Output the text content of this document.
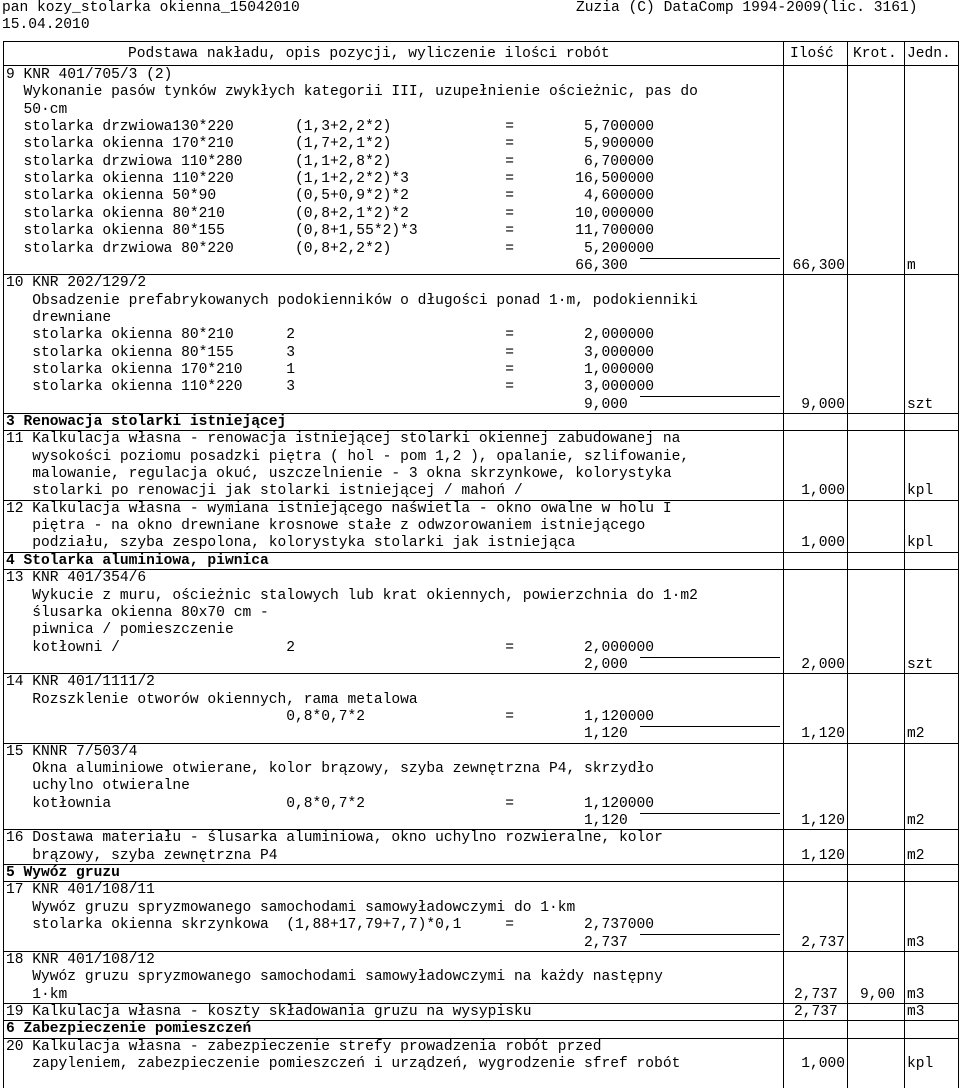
pan kozy_stolarka okienna_15042010
15.04.2010
Zuzia (C) DataComp 1994-2009(lic. 3161)
Podstawa nakładu, opis pozycji, wyliczenie ilości robót	Ilość Krot. Jedn.
9 KNR 401/705/3 (2)
Wykonanie pasów tynków zwykłych kategorii III, uzupełnienie ościeżnic, pas do
50·cm
stolarka drzwiowa130*220       (1,3+2,2*2)             =        5,700000
stolarka okienna 170*210       (1,7+2,1*2)             =        5,900000
stolarka drzwiowa 110*280      (1,1+2,8*2)             =        6,700000
stolarka okienna 110*220       (1,1+2,2*2)*3           =       16,500000
stolarka okienna 50*90         (0,5+0,9*2)*2           =        4,600000
stolarka okienna 80*210        (0,8+2,1*2)*2           =       10,000000
stolarka okienna 80*155        (0,8+1,55*2)*3          =       11,700000
stolarka drzwiowa 80*220       (0,8+2,2*2)             =        5,200000
66,300	66,300	m
10 KNR 202/129/2
Obsadzenie prefabrykowanych podokienników o długości ponad 1·m, podokienniki
drewniane
stolarka okienna 80*210      2                        =        2,000000
stolarka okienna 80*155      3                        =        3,000000
stolarka okienna 170*210     1                        =        1,000000
stolarka okienna 110*220     3                        =        3,000000
9,000	9,000	szt
3 Renowacja stolarki istniejącej
11 Kalkulacja własna - renowacja istniejącej stolarki okiennej zabudowanej na
wysokości poziomu posadzki piętra ( hol - pom 1,2 ), opalanie, szlifowanie,
malowanie, regulacja okuć, uszczelnienie - 3 okna skrzynkowe, kolorystyka
stolarki po renowacji jak stolarki istniejącej / mahoń /	1,000	kpl
12 Kalkulacja własna - wymiana istniejącego naświetla - okno owalne w holu I
piętra - na okno drewniane krosnowe stałe z odwzorowaniem istniejącego
podziału, szyba zespolona, kolorystyka stolarki jak istniejąca	1,000	kpl
4 Stolarka aluminiowa, piwnica
13 KNR 401/354/6
Wykucie z muru, ościeżnic stalowych lub krat okiennych, powierzchnia do 1·m2
ślusarka okienna 80x70 cm -
piwnica / pomieszczenie
kotłowni /                   2                        =        2,000000
2,000	2,000	szt
14 KNR 401/1111/2
Rozszklenie otworów okiennych, rama metalowa
0,8*0,7*2                =        1,120000
1,120	1,120	m2
15 KNNR 7/503/4
Okna aluminiowe otwierane, kolor brązowy, szyba zewnętrzna P4, skrzydło
uchylno otwieralne
kotłownia                    0,8*0,7*2                =        1,120000
1,120	1,120	m2
16 Dostawa materiału - ślusarka aluminiowa, okno uchylno rozwieralne, kolor
brązowy, szyba zewnętrzna P4	1,120	m2
5 Wywóz gruzu
17 KNR 401/108/11
Wywóz gruzu spryzmowanego samochodami samowyładowczymi do 1·km
stolarka okienna skrzynkowa  (1,88+17,79+7,7)*0,1     =        2,737000
2,737	2,737	m3
18 KNR 401/108/12
Wywóz gruzu spryzmowanego samochodami samowyładowczymi na każdy następny
1·km	2,737 9,00 m3
19 Kalkulacja własna - koszty składowania gruzu na wysypisku	2,737	m3
6 Zabezpieczenie pomieszczeń
20 Kalkulacja własna - zabezpieczenie strefy prowadzenia robót przed
zapyleniem, zabezpieczenie pomieszczeń i urządzeń, wygrodzenie sfref robót	1,000	kpl
